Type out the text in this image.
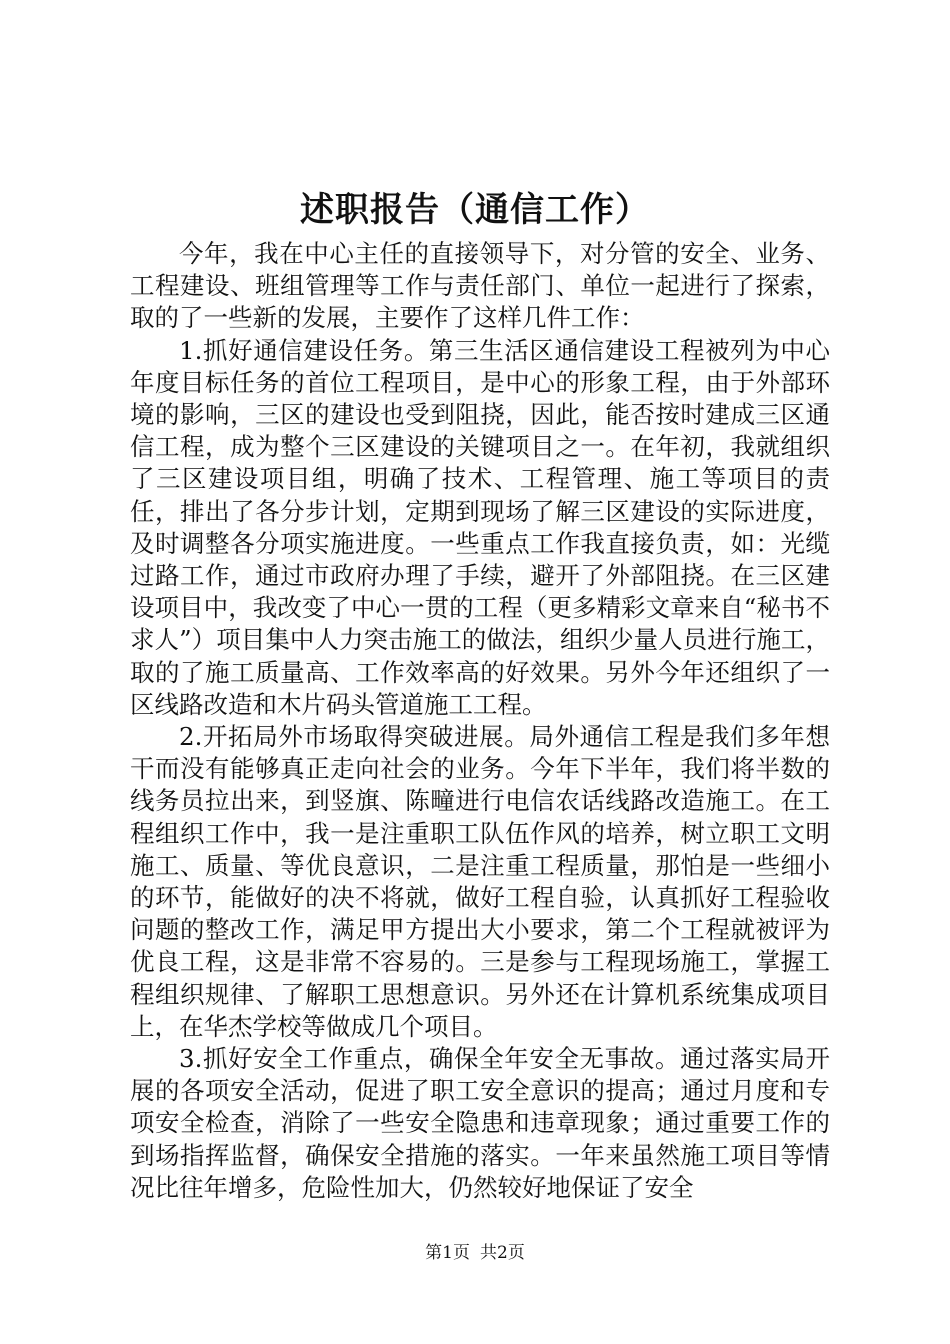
述职报告（通信工作）

今年，我在中心主任的直接领导下，对分管的安全、业务、工程建设、班组管理等工作与责任部门、单位一起进行了探索，取的了一些新的发展，主要作了这样几件工作：

1.抓好通信建设任务。第三生活区通信建设工程被列为中心年度目标任务的首位工程项目，是中心的形象工程，由于外部环境的影响，三区的建设也受到阻挠，因此，能否按时建成三区通信工程，成为整个三区建设的关键项目之一。在年初，我就组织了三区建设项目组，明确了技术、工程管理、施工等项目的责任，排出了各分步计划，定期到现场了解三区建设的实际进度，及时调整各分项实施进度。一些重点工作我直接负责，如：光缆过路工作，通过市政府办理了手续，避开了外部阻挠。在三区建设项目中，我改变了中心一贯的工程（更多精彩文章来自“秘书不求人”）项目集中人力突击施工的做法，组织少量人员进行施工，取的了施工质量高、工作效率高的好效果。另外今年还组织了一区线路改造和木片码头管道施工工程。

2.开拓局外市场取得突破进展。局外通信工程是我们多年想干而没有能够真正走向社会的业务。今年下半年，我们将半数的线务员拉出来，到竖旗、陈疃进行电信农话线路改造施工。在工程组织工作中，我一是注重职工队伍作风的培养，树立职工文明施工、质量、等优良意识，二是注重工程质量，那怕是一些细小的环节，能做好的决不将就，做好工程自验，认真抓好工程验收问题的整改工作，满足甲方提出大小要求，第二个工程就被评为优良工程，这是非常不容易的。三是参与工程现场施工，掌握工程组织规律、了解职工思想意识。另外还在计算机系统集成项目上，在华杰学校等做成几个项目。

3.抓好安全工作重点，确保全年安全无事故。通过落实局开展的各项安全活动，促进了职工安全意识的提高；通过月度和专项安全检查，消除了一些安全隐患和违章现象；通过重要工作的到场指挥监督，确保安全措施的落实。一年来虽然施工项目等情况比往年增多，危险性加大，仍然较好地保证了安全

第1页 共2页
